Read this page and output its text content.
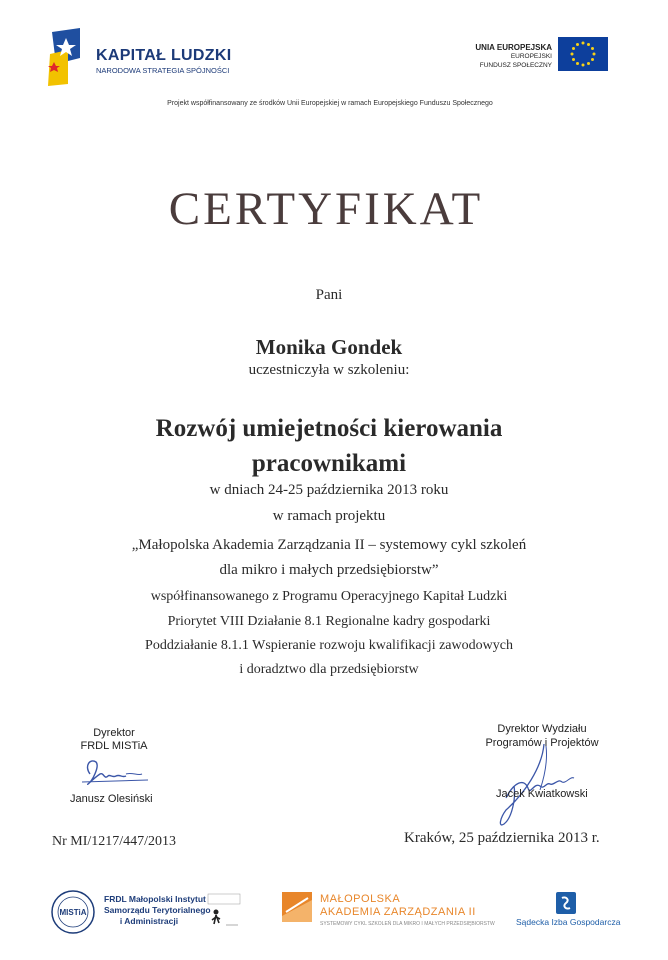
KAPITAŁ LUDZKI
NARODOWA STRATEGIA SPÓJNOŚCI
UNIA EUROPEJSKA
EUROPEJSKI
FUNDUSZ SPOŁECZNY
Projekt współfinansowany ze środków Unii Europejskiej w ramach Europejskiego Funduszu Społecznego
CERTYFIKAT
Pani
Monika Gondek
uczestniczyła w szkoleniu:
Rozwój umiejetności kierowania
pracownikami
w dniach 24-25 października 2013 roku
w ramach projektu
„Małopolska Akademia Zarządzania II – systemowy cykl szkoleń
dla mikro i małych przedsiębiorstw”
współfinansowanego z Programu Operacyjnego Kapitał Ludzki
Priorytet VIII Działanie 8.1 Regionalne kadry gospodarki
Poddziałanie 8.1.1 Wspieranie rozwoju kwalifikacji zawodowych
i doradztwo dla przedsiębiorstw
Dyrektor
FRDL MISTiA
Janusz Olesiński
Dyrektor Wydziału
Programów i Projektów
Jacek Kwiatkowski
Nr MI/1217/447/2013	Kraków, 25 października 2013 r.
MISTiA
FRDL Małopolski Instytut
Samorządu Terytorialnego
i Administracji
MAŁOPOLSKA
AKADEMIA ZARZĄDZANIA II
SYSTEMOWY CYKL SZKOLEŃ DLA MIKRO I MAŁYCH PRZEDSIĘBIORSTW Sądecka Izba Gospodarcza
